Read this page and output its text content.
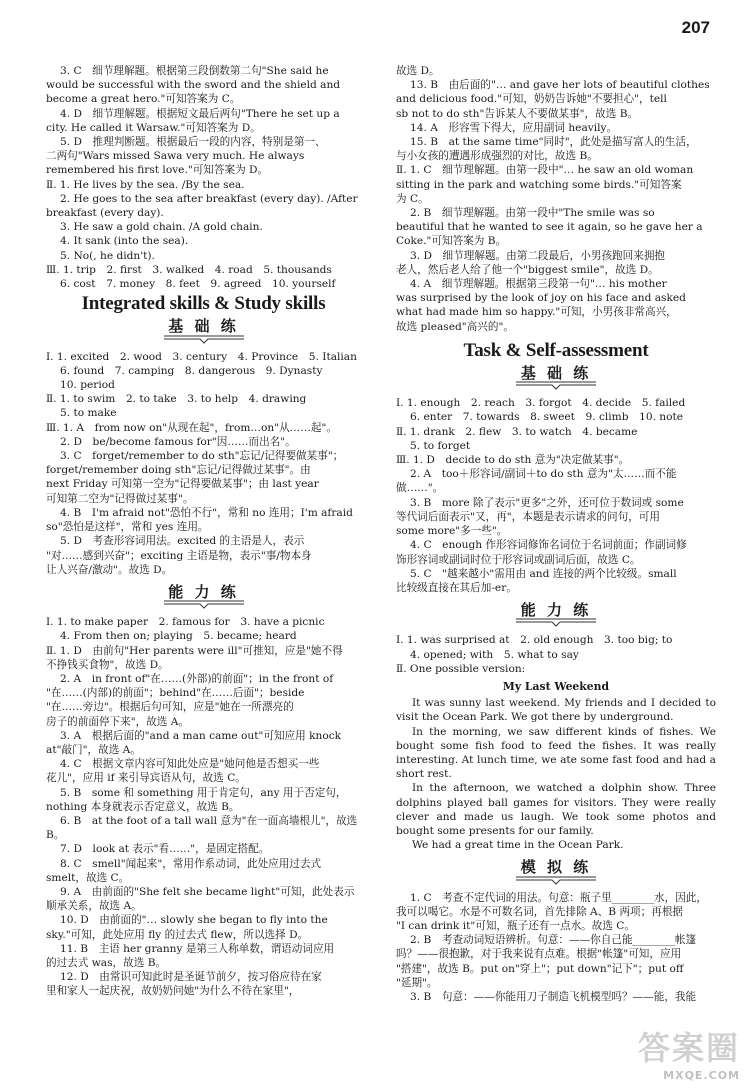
207

3. C　细节理解题。根据第三段倒数第二句"She said he

would be successful with the sword and the shield and

become a great hero."可知答案为 C。

4. D　细节理解题。根据短文最后两句"There he set up a

city. He called it Warsaw."可知答案为 D。

5. D　推理判断题。根据最后一段的内容，特别是第一、

二两句"Wars missed Sawa very much. He always

remembered his first love."可知答案为 D。

Ⅱ. 1. He lives by the sea. /By the sea.

2. He goes to the sea after breakfast (every day). /After

breakfast (every day).

3. He saw a gold chain. /A gold chain.

4. It sank (into the sea).

5. No(, he didn't).

Ⅲ. 1. trip　2. first　3. walked　4. road　5. thousands

6. cost　7. money　8. feet　9. agreed　10. yourself

Integrated skills & Study skills
基 础 练

Ⅰ. 1. excited　2. wood　3. century　4. Province　5. Italian

6. found　7. camping　8. dangerous　9. Dynasty

10. period

Ⅱ. 1. to swim　2. to take　3. to help　4. drawing

5. to make

Ⅲ. 1. A　from now on"从现在起"，from…on"从……起"。

2. D　be/become famous for"因……而出名"。

3. C　forget/remember to do sth"忘记/记得要做某事"；

forget/remember doing sth"忘记/记得做过某事"。由

next Friday 可知第一空为"记得要做某事"；由 last year

可知第二空为"记得做过某事"。

4. B　I'm afraid not"恐怕不行"，常和 no 连用；I'm afraid

so"恐怕是这样"，常和 yes 连用。

5. D　考查形容词用法。excited 的主语是人，表示

"对……感到兴奋"；exciting 主语是物，表示"事/物本身

让人兴奋/激动"。故选 D。

能 力 练

Ⅰ. 1. to make paper　2. famous for　3. have a picnic

4. From then on; playing　5. became; heard

Ⅱ. 1. D　由前句"Her parents were ill"可推知，应是"她不得

不挣钱买食物"，故选 D。

2. A　in front of"在……(外部)的前面"；in the front of

"在……(内部)的前面"；behind"在……后面"；beside

"在……旁边"。根据后句可知，应是"她在一所漂亮的

房子的前面停下来"，故选 A。

3. A　根据后面的"and a man came out"可知应用 knock

at"敲门"，故选 A。

4. C　根据文章内容可知此处应是"她问他是否想买一些

花儿"，应用 if 来引导宾语从句，故选 C。

5. B　some 和 something 用于肯定句，any 用于否定句，

nothing 本身就表示否定意义，故选 B。

6. B　at the foot of a tall wall 意为"在一面高墙根儿"，故选

B。

7. D　look at 表示"看……"，是固定搭配。

8. C　smell"闻起来"，常用作系动词，此处应用过去式

smelt，故选 C。

9. A　由前面的"She felt she became light"可知，此处表示

顺承关系，故选 A。

10. D　由前面的"… slowly she began to fly into the

sky."可知，此处应用 fly 的过去式 flew，所以选择 D。

11. B　主语 her granny 是第三人称单数，谓语动词应用

的过去式 was，故选 B。

12. D　由常识可知此时是圣诞节前夕，按习俗应待在家

里和家人一起庆祝，故奶奶问她"为什么不待在家里"，

故选 D。

13. B　由后面的"… and gave her lots of beautiful clothes

and delicious food."可知，奶奶告诉她"不要担心"，tell

sb not to do sth"告诉某人不要做某事"，故选 B。

14. A　形容雪下得大，应用副词 heavily。

15. B　at the same time"同时"，此处是描写富人的生活，

与小女孩的遭遇形成强烈的对比，故选 B。

Ⅱ. 1. C　细节理解题。由第一段中"… he saw an old woman

sitting in the park and watching some birds."可知答案

为 C。

2. B　细节理解题。由第一段中"The smile was so

beautiful that he wanted to see it again, so he gave her a

Coke."可知答案为 B。

3. D　细节理解题。由第二段最后，小男孩跑回来拥抱

老人，然后老人给了他一个"biggest smile"，故选 D。

4. A　细节理解题。根据第三段第一句"… his mother

was surprised by the look of joy on his face and asked

what had made him so happy."可知，小男孩非常高兴，

故选 pleased"高兴的"。

Task & Self-assessment
基 础 练

Ⅰ. 1. enough　2. reach　3. forgot　4. decide　5. failed

6. enter　7. towards　8. sweet　9. climb　10. note

Ⅱ. 1. drank　2. flew　3. to watch　4. became

5. to forget

Ⅲ. 1. D　decide to do sth 意为"决定做某事"。

2. A　too＋形容词/副词＋to do sth 意为"太……而不能

做……"。

3. B　more 除了表示"更多"之外，还可位于数词或 some

等代词后面表示"又，再"，本题是表示请求的问句，可用

some more"多一些"。

4. C　enough 作形容词修饰名词位于名词前面；作副词修

饰形容词或副词时位于形容词或副词后面，故选 C。

5. C　"越来越小"需用由 and 连接的两个比较级。small

比较级直接在其后加-er。

能 力 练

Ⅰ. 1. was surprised at　2. old enough　3. too big; to

4. opened; with　5. what to say

Ⅱ. One possible version:

My Last Weekend

It was sunny last weekend. My friends and I decided to visit the Ocean Park. We got there by underground.

In the morning, we saw different kinds of fishes. We bought some fish food to feed the fishes. It was really interesting. At lunch time, we ate some fast food and had a short rest.

In the afternoon, we watched a dolphin show. Three dolphins played ball games for visitors. They were really clever and made us laugh. We took some photos and bought some presents for our family.

We had a great time in the Ocean Park.

模 拟 练

1. C　考查不定代词的用法。句意：瓶子里________水，因此，

我可以喝它。水是不可数名词，首先排除 A、B 两项；再根据

"I can drink it"可知，瓶子还有一点水。故选 C。

2. B　考查动词短语辨析。句意：——你自己能________帐篷

吗？——很抱歉，对于我来说有点难。根据"帐篷"可知，应用

"搭建"，故选 B。put on"穿上"；put down"记下"；put off

"延期"。

3. B　句意：——你能用刀子制造飞机模型吗？——能，我能

答案圈
MXQE.COM
